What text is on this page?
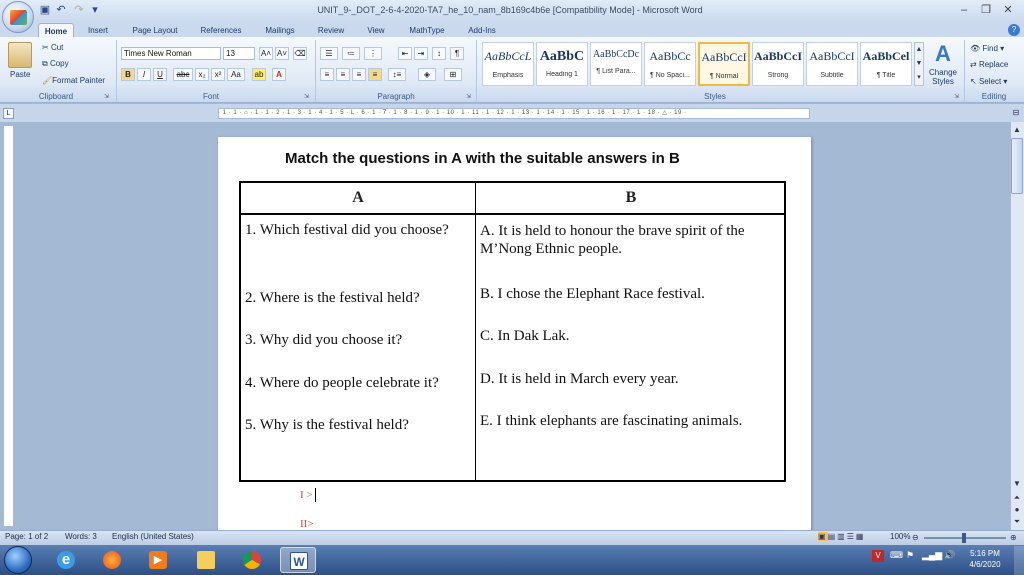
▣ ↶ ↷ ▾	UNIT_9-_DOT_2-6-4-2020-TA7_he_10_nam_8b169c4b6e [Compatibility Mode] - Microsoft Word	–	❐	✕
Home	Insert	Page Layout	References	Mailings	Review	View	MathType	Add-Ins	?
Paste
✂ Cut
⧉ Copy
🖌Format Painter
Clipboard	⇲
Times New Roman	13	A˄ A˅ ⌫
B	I	U	abc	x₂	x²	Aa	ab	A
Font	⇲
☰	≔	⋮	⇤	⇥	↕	¶
≡	≡	≡	≡	↕≡	◈	⊞
Paragraph	⇲
AaBbCcL
Emphasis
AaBbC
Heading 1
AaBbCcDc
¶ List Para...
AaBbCc
¶ No Spaci...
AaBbCcI
¶ Normal
AaBbCcI
Strong
AaBbCcI
Subtitle
AaBbCel
¶ Title
▲
▼
▾
A
Change Styles
Styles	⇲
👁 Find ▾
⇄ Replace
↖ Select ▾
Editing
L	· 1 · 1 · ⌂ · 1 · 1 · 2 · 1 · 3 · 1 · 4 · 1 · 5 · L · 6 · 1 · 7 · 1 · 8 · 1 · 9 · 1 · 10 · 1 · 11 · 1 · 12 · 1 · 13 · 1 · 14 · 1 · 15 · 1 · 16 · 1 · 17 · 1 · 18 · △ · 19 ·	⊟
Match the questions in A with the suitable answers in B
A	B
1. Which festival did you choose?
2. Where is the festival held?
3. Why did you choose it?
4. Where do people celebrate it?
5. Why is the festival held?
A. It is held to honour the brave spirit of the M’Nong Ethnic people.
B. I chose the Elephant Race festival.
C. In Dak Lak.
D. It is held in March every year.
E. I think elephants are fascinating animals.
I >
II>
▲
▼
⏶
●
⏷
Page: 1 of 2 Words: 3 English (United States)	▣▤▥☰▦	100% ⊖	⊕
e	▶	W	V	⌨ ⚑ ▂▄▆ 🔊	5:16 PM
4/6/2020
